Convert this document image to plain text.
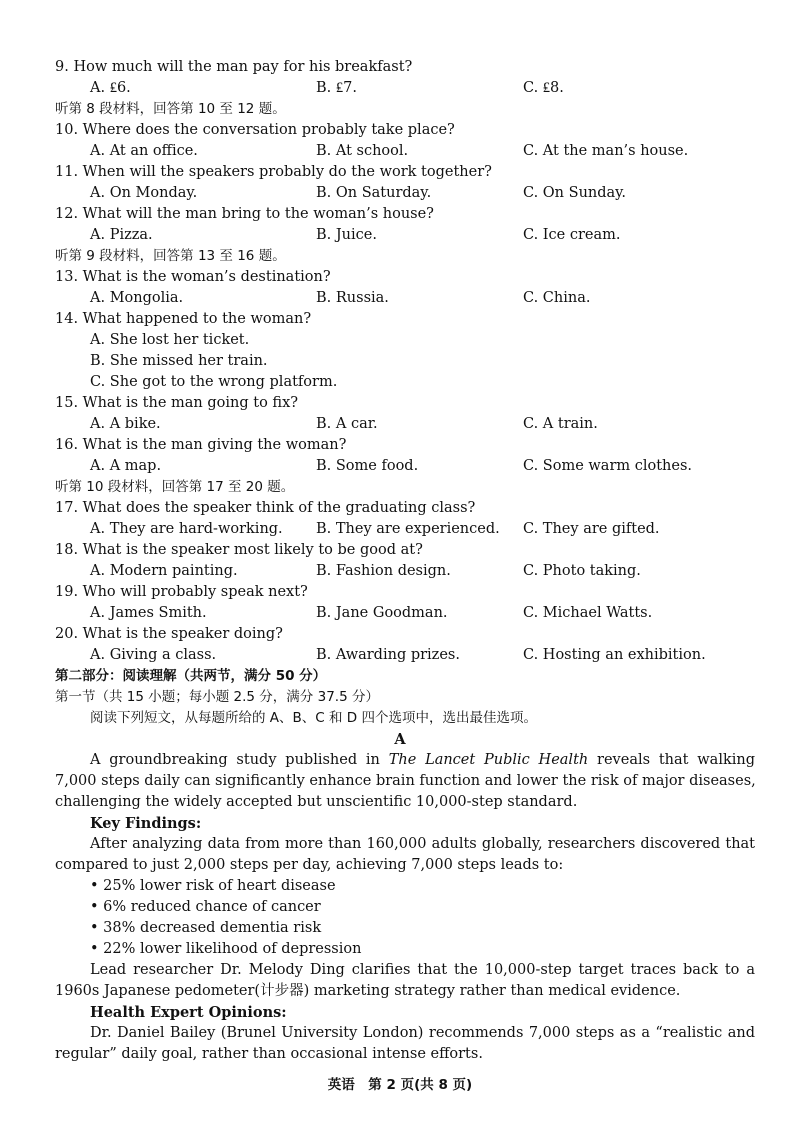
9. How much will the man pay for his breakfast?
A. ₤6.	B. ₤7.	C. ₤8.
听第 8 段材料，回答第 10 至 12 题。
10. Where does the conversation probably take place?
A. At an office.	B. At school.	C. At the man’s house.
11. When will the speakers probably do the work together?
A. On Monday.	B. On Saturday.	C. On Sunday.
12. What will the man bring to the woman’s house?
A. Pizza.	B. Juice.	C. Ice cream.
听第 9 段材料，回答第 13 至 16 题。
13. What is the woman’s destination?
A. Mongolia.	B. Russia.	C. China.
14. What happened to the woman?
A. She lost her ticket.
B. She missed her train.
C. She got to the wrong platform.
15. What is the man going to fix?
A. A bike.	B. A car.	C. A train.
16. What is the man giving the woman?
A. A map.	B. Some food.	C. Some warm clothes.
听第 10 段材料，回答第 17 至 20 题。
17. What does the speaker think of the graduating class?
A. They are hard-working. B. They are experienced. C. They are gifted.
18. What is the speaker most likely to be good at?
A. Modern painting.	B. Fashion design.	C. Photo taking.
19. Who will probably speak next?
A. James Smith.	B. Jane Goodman.	C. Michael Watts.
20. What is the speaker doing?
A. Giving a class.	B. Awarding prizes.	C. Hosting an exhibition.
第二部分：阅读理解（共两节，满分 50 分）
第一节（共 15 小题；每小题 2.5 分，满分 37.5 分）
阅读下列短文，从每题所给的 A、B、C 和 D 四个选项中，选出最佳选项。
A
A groundbreaking study published in The Lancet Public Health reveals that walking
7,000 steps daily can significantly enhance brain function and lower the risk of major diseases,
challenging the widely accepted but unscientific 10,000-step standard.
Key Findings:
After analyzing data from more than 160,000 adults globally, researchers discovered that
compared to just 2,000 steps per day, achieving 7,000 steps leads to:
• 25% lower risk of heart disease
• 6% reduced chance of cancer
• 38% decreased dementia risk
• 22% lower likelihood of depression
Lead researcher Dr. Melody Ding clarifies that the 10,000-step target traces back to a
1960s Japanese pedometer(计步器) marketing strategy rather than medical evidence.
Health Expert Opinions:
Dr. Daniel Bailey (Brunel University London) recommends 7,000 steps as a “realistic and
regular” daily goal, rather than occasional intense efforts.
英语　第 2 页(共 8 页)
